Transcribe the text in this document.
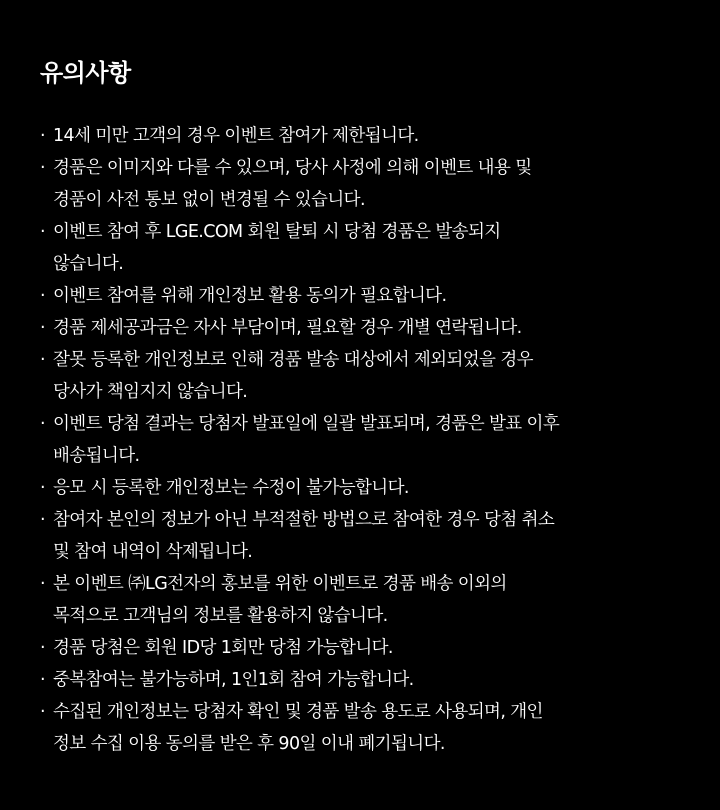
유의사항
· 14세 미만 고객의 경우 이벤트 참여가 제한됩니다.
· 경품은 이미지와 다를 수 있으며, 당사 사정에 의해 이벤트 내용 및
경품이 사전 통보 없이 변경될 수 있습니다.
· 이벤트 참여 후 LGE.COM 회원 탈퇴 시 당첨 경품은 발송되지
않습니다.
· 이벤트 참여를 위해 개인정보 활용 동의가 필요합니다.
· 경품 제세공과금은 자사 부담이며, 필요할 경우 개별 연락됩니다.
· 잘못 등록한 개인정보로 인해 경품 발송 대상에서 제외되었을 경우
당사가 책임지지 않습니다.
· 이벤트 당첨 결과는 당첨자 발표일에 일괄 발표되며, 경품은 발표 이후
배송됩니다.
· 응모 시 등록한 개인정보는 수정이 불가능합니다.
· 참여자 본인의 정보가 아닌 부적절한 방법으로 참여한 경우 당첨 취소
및 참여 내역이 삭제됩니다.
· 본 이벤트 ㈜LG전자의 홍보를 위한 이벤트로 경품 배송 이외의
목적으로 고객님의 정보를 활용하지 않습니다.
· 경품 당첨은 회원 ID당 1회만 당첨 가능합니다.
· 중복참여는 불가능하며, 1인1회 참여 가능합니다.
· 수집된 개인정보는 당첨자 확인 및 경품 발송 용도로 사용되며, 개인
정보 수집 이용 동의를 받은 후 90일 이내 폐기됩니다.
